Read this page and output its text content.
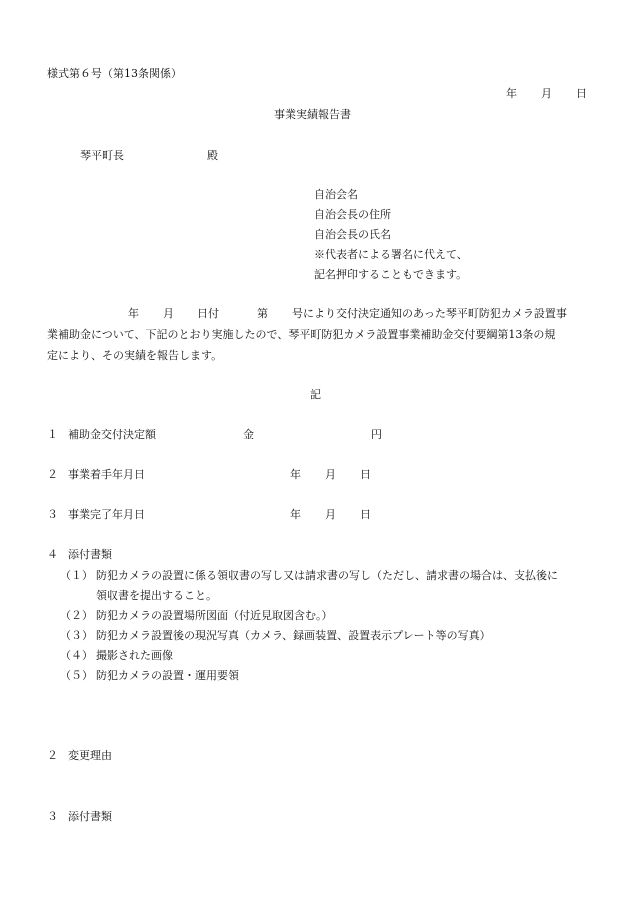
様式第６号（第13条関係）
年 月 日
事業実績報告書
琴平町長	殿
自治会名
自治会長の住所
自治会長の氏名
※代表者による署名に代えて、
記名押印することもできます。
年 月 日付	第 号により交付決定通知のあった琴平町防犯カメラ設置事
業補助金について、下記のとおり実施したので、琴平町防犯カメラ設置事業補助金交付要綱第13条の規
定により、その実績を報告します。
記
１ 補助金交付決定額	金	円
２ 事業着手年月日	年 月 日
３ 事業完了年月日	年 月 日
４ 添付書類
（１） 防犯カメラの設置に係る領収書の写し又は請求書の写し（ただし、請求書の場合は、支払後に
領収書を提出すること。
（２） 防犯カメラの設置場所図面（付近見取図含む。）
（３） 防犯カメラ設置後の現況写真（カメラ、録画装置、設置表示プレート等の写真）
（４） 撮影された画像
（５） 防犯カメラの設置・運用要領
２ 変更理由
３ 添付書類
